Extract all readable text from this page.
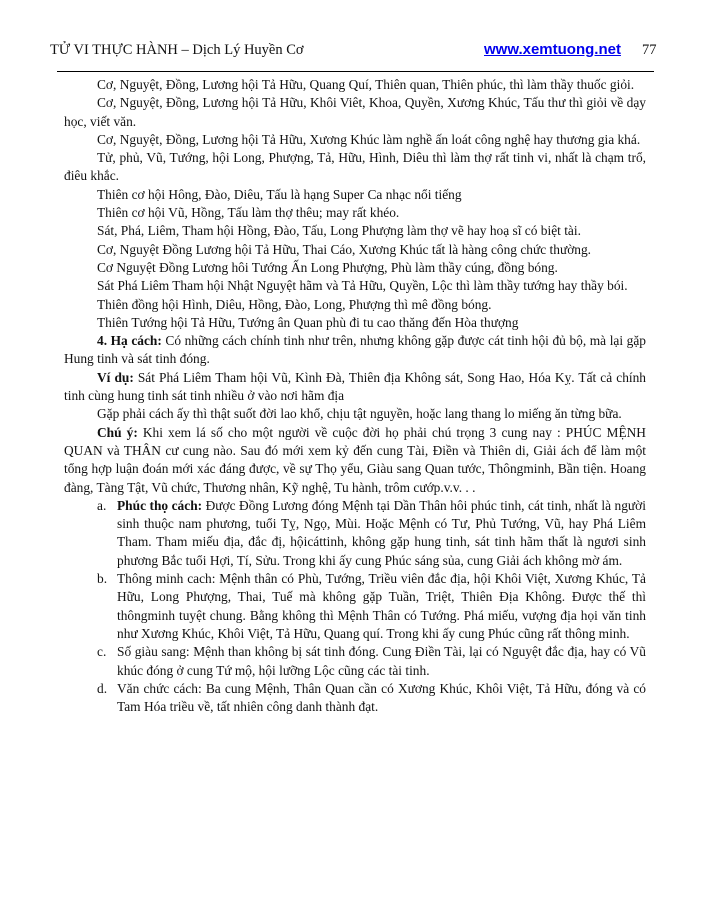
TỬ VI THỰC HÀNH – Dịch Lý Huyền Cơ	www.xemtuong.net 77

Cơ, Nguyệt, Đồng, Lương hội Tả Hữu, Quang Quí, Thiên quan, Thiên phúc, thì làm thầy thuốc giỏi.

Cơ, Nguyệt, Đồng, Lương hội Tả Hữu, Khôi Viêt, Khoa, Quyền, Xương Khúc, Tấu thư thì giỏi về dạy học, viết văn.

Cơ, Nguyệt, Đồng, Lương hội Tả Hữu, Xương Khúc làm nghề ấn loát công nghệ hay thương gia khá.

Tử, phủ, Vũ, Tướng, hội Long, Phượng, Tả, Hữu, Hình, Diêu thì làm thợ rất tinh vi, nhất là chạm trổ, điêu khắc.

Thiên cơ hội Hông, Đào, Diêu, Tấu là hạng Super Ca nhạc nổi tiếng

Thiên cơ hội Vũ, Hồng, Tấu làm thợ thêu; may rất khéo.

Sát, Phá, Liêm, Tham hội Hồng, Đào, Tấu, Long Phượng làm thợ vẽ hay hoạ sĩ có biệt tài.

Cơ, Nguyệt Đồng Lương hội Tả Hữu, Thai Cáo, Xương Khúc tất là hàng công chức thường.

Cơ Nguyệt Đồng Lương hôi Tướng Ấn Long Phượng, Phù làm thầy cúng, đồng bóng.

Sát Phá Liêm Tham hội Nhật Nguyệt hãm và Tả Hữu, Quyền, Lộc thì làm thầy tướng hay thầy bói.

Thiên đồng hội Hình, Diêu, Hồng, Đào, Long, Phượng thì mê đồng bóng.

Thiên Tướng hội Tả Hữu, Tướng ân Quan phù đi tu cao thăng đến Hòa thượng

4. Hạ cách: Có những cách chính tinh như trên, nhưng không gặp được cát tinh hội đủ bộ, mà lại gặp Hung tinh và sát tinh đóng.

Ví dụ: Sát Phá Liêm Tham hội Vũ, Kình Đà, Thiên địa Không sát, Song Hao, Hóa Kỵ. Tất cả chính tinh cùng hung tinh sát tinh nhiều ở vào nơi hãm địa

Gặp phải cách ấy thì thật suốt đời lao khổ, chịu tật nguyền, hoặc lang thang lo miếng ăn từng bữa.

Chú ý: Khi xem lá số cho một người về cuộc đời họ phải chú trọng 3 cung nay : PHÚC MỆNH QUAN và THÂN cư cung nào. Sau đó mới xem kỷ đến cung Tài, Điền và Thiên di, Giải ách để làm một tổng hợp luận đoán mới xác đáng được, về sự Thọ yểu, Giàu sang Quan tước, Thôngminh, Bần tiện. Hoang đàng, Tàng Tật, Vũ chức, Thương nhân, Kỹ nghệ, Tu hành, trôm cướp.v.v. . .

a. Phúc thọ cách: Được Đồng Lương đóng Mệnh tại Dần Thân hôi phúc tinh, cát tinh, nhất là người sinh thuộc nam phương, tuổi Tỵ, Ngọ, Mùi. Hoặc Mệnh có Tư, Phủ Tướng, Vũ, hay Phá Liêm Tham. Tham miếu địa, đắc đị, hộicáttinh, không gặp hung tinh, sát tinh hãm thất là ngươi sinh phương Bắc tuổi Hợi, Tí, Sửu. Trong khi ấy cung Phúc sáng sủa, cung Giải ách không mờ ám.
b. Thông minh cach: Mệnh thân có Phù, Tướng, Triều viên đắc địa, hội Khôi Việt, Xương Khúc, Tả Hữu, Long Phượng, Thai, Tuế mà không gặp Tuần, Triệt, Thiên Địa Không. Được thế thì thôngminh tuyệt chung. Bằng không thì Mệnh Thân có Tướng. Phá miếu, vượng địa họi văn tinh như Xương Khúc, Khôi Việt, Tả Hữu, Quang quí. Trong khi ấy cung Phúc cũng rất thông minh.
c. Số giàu sang: Mệnh than không bị sát tinh đóng. Cung Điền Tài, lại có Nguyệt đắc địa, hay có Vũ khúc đóng ở cung Tứ mộ, hội lưỡng Lộc cũng các tài tinh.
d. Văn chức cách: Ba cung Mệnh, Thân Quan cần có Xương Khúc, Khôi Việt, Tả Hữu, đóng và có Tam Hóa triều về, tất nhiên công danh thành đạt.
